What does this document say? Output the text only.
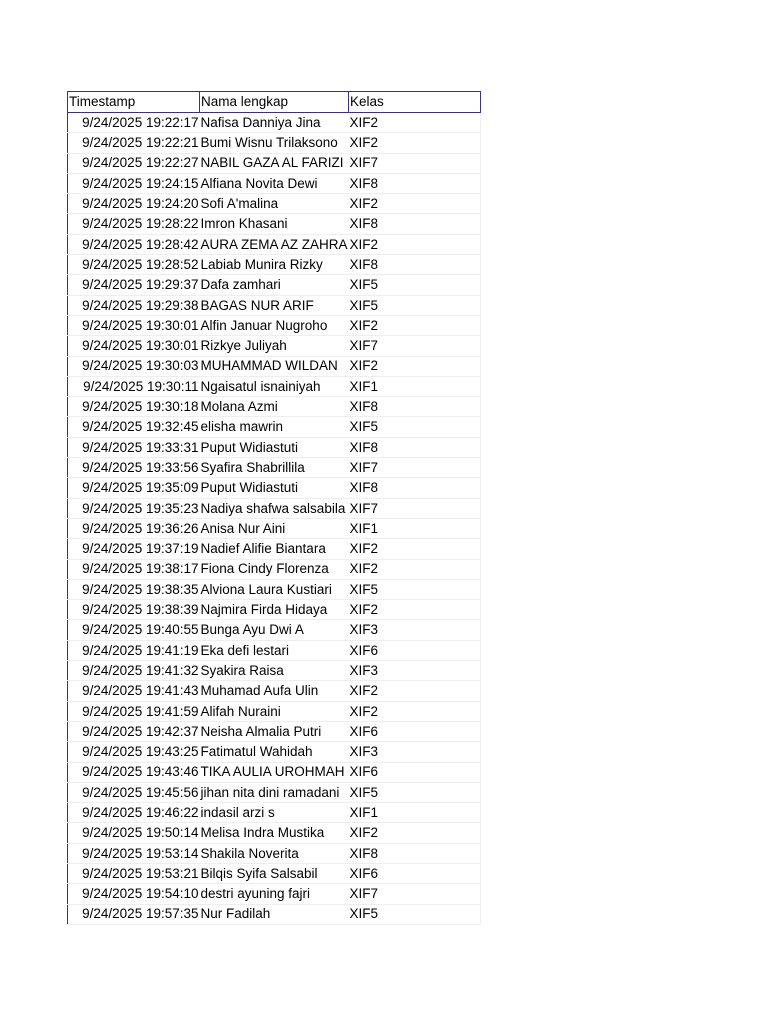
Timestamp	Nama lengkap	Kelas
9/24/2025 19:22:17	Nafisa Danniya Jina	XIF2
9/24/2025 19:22:21	Bumi Wisnu Trilaksono	XIF2
9/24/2025 19:22:27	NABIL GAZA AL FARIZI	XIF7
9/24/2025 19:24:15	Alfiana Novita Dewi	XIF8
9/24/2025 19:24:20	Sofi A'malina	XIF2
9/24/2025 19:28:22	Imron Khasani	XIF8
9/24/2025 19:28:42	AURA ZEMA AZ ZAHRA	XIF2
9/24/2025 19:28:52	Labiab Munira Rizky	XIF8
9/24/2025 19:29:37	Dafa zamhari	XIF5
9/24/2025 19:29:38	BAGAS NUR ARIF	XIF5
9/24/2025 19:30:01	Alfin Januar Nugroho	XIF2
9/24/2025 19:30:01	Rizkye Juliyah	XIF7
9/24/2025 19:30:03	MUHAMMAD WILDAN	XIF2
9/24/2025 19:30:11	Ngaisatul isnainiyah	XIF1
9/24/2025 19:30:18	Molana Azmi	XIF8
9/24/2025 19:32:45	elisha mawrin	XIF5
9/24/2025 19:33:31	Puput Widiastuti	XIF8
9/24/2025 19:33:56	Syafira Shabrillila	XIF7
9/24/2025 19:35:09	Puput Widiastuti	XIF8
9/24/2025 19:35:23	Nadiya shafwa salsabila	XIF7
9/24/2025 19:36:26	Anisa Nur Aini	XIF1
9/24/2025 19:37:19	Nadief Alifie Biantara	XIF2
9/24/2025 19:38:17	Fiona Cindy Florenza	XIF2
9/24/2025 19:38:35	Alviona Laura Kustiari	XIF5
9/24/2025 19:38:39	Najmira Firda Hidaya	XIF2
9/24/2025 19:40:55	Bunga Ayu Dwi A	XIF3
9/24/2025 19:41:19	Eka defi lestari	XIF6
9/24/2025 19:41:32	Syakira Raisa	XIF3
9/24/2025 19:41:43	Muhamad Aufa Ulin	XIF2
9/24/2025 19:41:59	Alifah Nuraini	XIF2
9/24/2025 19:42:37	Neisha Almalia Putri	XIF6
9/24/2025 19:43:25	Fatimatul Wahidah	XIF3
9/24/2025 19:43:46	TIKA AULIA UROHMAH	XIF6
9/24/2025 19:45:56	jihan nita dini ramadani	XIF5
9/24/2025 19:46:22	indasil arzi s	XIF1
9/24/2025 19:50:14	Melisa Indra Mustika	XIF2
9/24/2025 19:53:14	Shakila Noverita	XIF8
9/24/2025 19:53:21	Bilqis Syifa Salsabil	XIF6
9/24/2025 19:54:10	destri ayuning fajri	XIF7
9/24/2025 19:57:35	Nur Fadilah	XIF5
